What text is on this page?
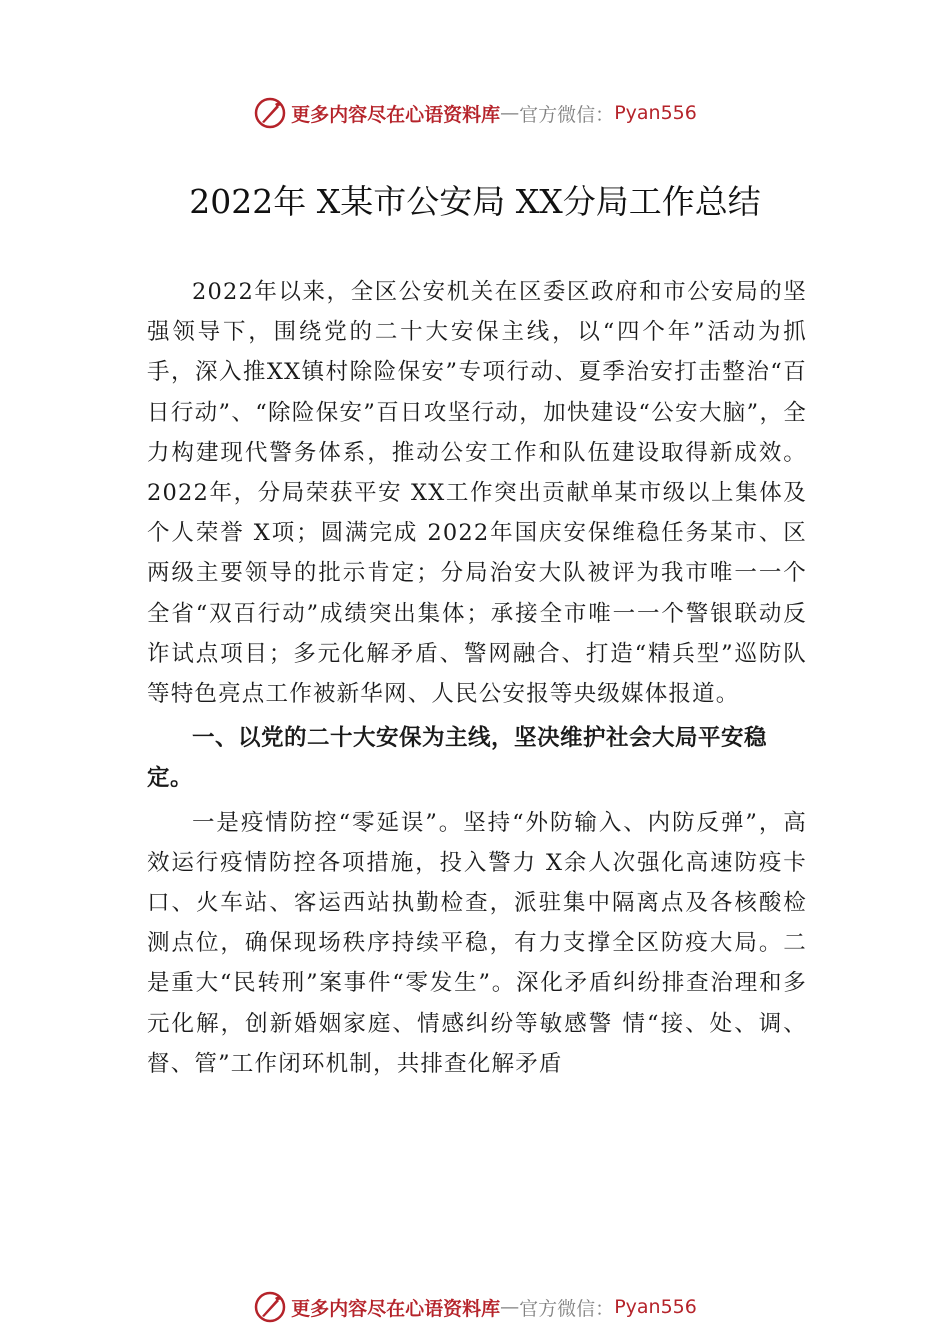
更多内容尽在心语资料库 — 官方微信： Pyan556
2022年 X某市公安局 XX分局工作总结

2022年以来，全区公安机关在区委区政府和市公安局的坚强领导下，围绕党的二十大安保主线，以“四个年”活动为抓手，深入推XX镇村除险保安”专项行动、夏季治安打击整治“百日行动”、“除险保安”百日攻坚行动，加快建设“公安大脑”，全力构建现代警务体系，推动公安工作和队伍建设取得新成效。2022年，分局荣获平安 XX工作突出贡献单某市级以上集体及个人荣誉 X项；圆满完成 2022年国庆安保维稳任务某市、区两级主要领导的批示肯定；分局治安大队被评为我市唯一一个全省“双百行动”成绩突出集体；承接全市唯一一个警银联动反诈试点项目；多元化解矛盾、警网融合、打造“精兵型”巡防队等特色亮点工作被新华网、人民公安报等央级媒体报道。

一、以党的二十大安保为主线，坚决维护社会大局平安稳定。

一是疫情防控“零延误”。坚持“外防输入、内防反弹”，高效运行疫情防控各项措施，投入警力 X余人次强化高速防疫卡口、火车站、客运西站执勤检查，派驻集中隔离点及各核酸检测点位，确保现场秩序持续平稳，有力支撑全区防疫大局。二是重大“民转刑”案事件“零发生”。深化矛盾纠纷排查治理和多元化解，创新婚姻家庭、情感纠纷等敏感警 情“接、处、调、督、管”工作闭环机制，共排查化解矛盾

更多内容尽在心语资料库 — 官方微信： Pyan556
